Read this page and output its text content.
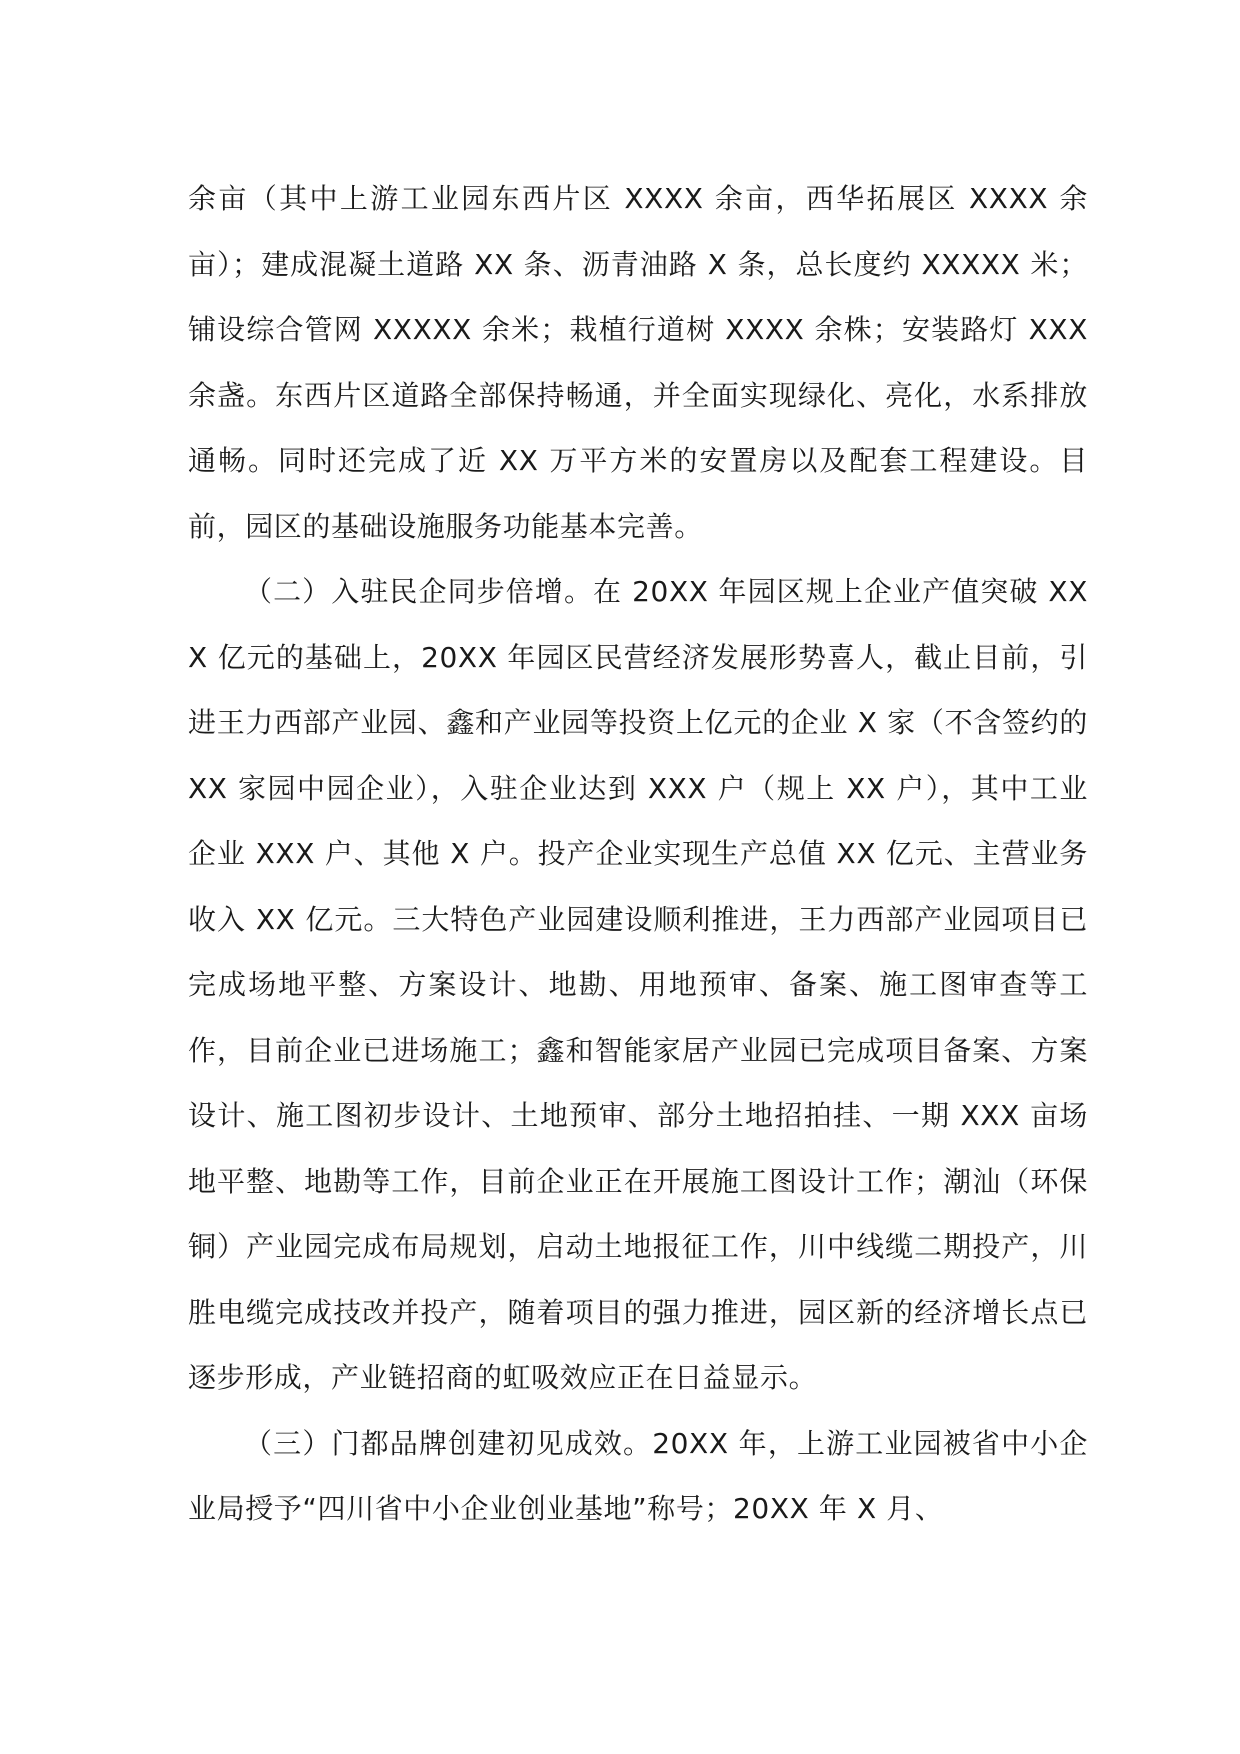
余亩（其中上游工业园东西片区 XXXX 余亩，西华拓展区 XXXX 余亩）；建成混凝土道路 XX 条、沥青油路 X 条，总长度约 XXXXX 米；铺设综合管网 XXXXX 余米；栽植行道树 XXXX 余株；安装路灯 XXX 余盏。东西片区道路全部保持畅通，并全面实现绿化、亮化，水系排放通畅。同时还完成了近 XX 万平方米的安置房以及配套工程建设。目前，园区的基础设施服务功能基本完善。

（二）入驻民企同步倍增。在 20XX 年园区规上企业产值突破 XXX 亿元的基础上，20XX 年园区民营经济发展形势喜人，截止目前，引进王力西部产业园、鑫和产业园等投资上亿元的企业 X 家（不含签约的 XX 家园中园企业），入驻企业达到 XXX 户（规上 XX 户），其中工业企业 XXX 户、其他 X 户。投产企业实现生产总值 XX 亿元、主营业务收入 XX 亿元。三大特色产业园建设顺利推进，王力西部产业园项目已完成场地平整、方案设计、地勘、用地预审、备案、施工图审查等工作，目前企业已进场施工；鑫和智能家居产业园已完成项目备案、方案设计、施工图初步设计、土地预审、部分土地招拍挂、一期 XXX 亩场地平整、地勘等工作，目前企业正在开展施工图设计工作；潮汕（环保铜）产业园完成布局规划，启动土地报征工作，川中线缆二期投产，川胜电缆完成技改并投产，随着项目的强力推进，园区新的经济增长点已逐步形成，产业链招商的虹吸效应正在日益显示。

（三）门都品牌创建初见成效。20XX 年，上游工业园被省中小企业局授予“四川省中小企业创业基地”称号；20XX 年 X 月、
